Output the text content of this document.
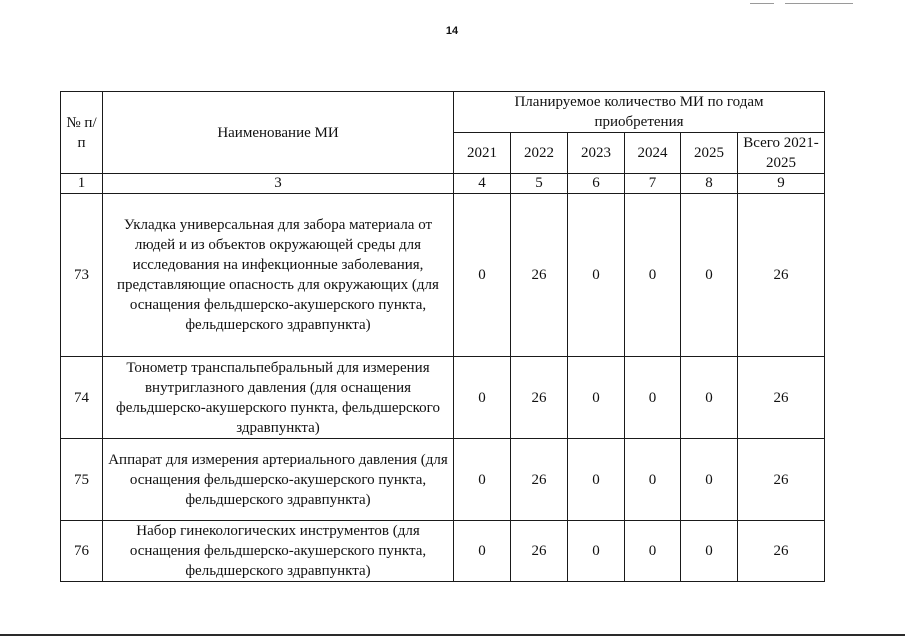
14
№ п/п	Наименование МИ	Планируемое количество МИ по годам приобретения					
		2021	2022	2023	2024	2025	Всего 2021-2025
1	3	4	5	6	7	8	9
73	Укладка универсальная для забора материала от людей и из объектов окружающей среды для исследования на инфекционные заболевания, представляющие опасность для окружающих (для оснащения фельдшерско-акушерского пункта, фельдшерского здравпункта)	0	26	0	0	0	26
74	Тонометр транспальпебральный для измерения внутриглазного давления (для оснащения фельдшерско-акушерского пункта, фельдшерского здравпункта)	0	26	0	0	0	26
75	Аппарат для измерения артериального давления (для оснащения фельдшерско-акушерского пункта, фельдшерского здравпункта)	0	26	0	0	0	26
76	Набор гинекологических инструментов (для оснащения фельдшерско-акушерского пункта, фельдшерского здравпункта)	0	26	0	0	0	26
